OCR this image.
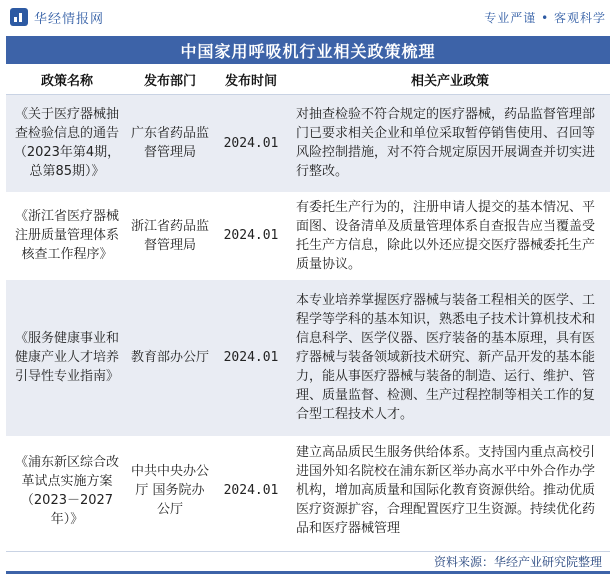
华经情报网	专业严谨 • 客观科学
中国家用呼吸机行业相关政策梳理
政策名称	发布部门	发布时间	相关产业政策
《关于医疗器械抽查检验信息的通告（2023年第4期，总第85期）》	广东省药品监督管理局	2024.01	对抽查检验不符合规定的医疗器械，药品监督管理部门已要求相关企业和单位采取暂停销售使用、召回等风险控制措施，对不符合规定原因开展调查并切实进行整改。
《浙江省医疗器械注册质量管理体系核查工作程序》	浙江省药品监督管理局	2024.01	有委托生产行为的，注册申请人提交的基本情况、平面图、设备清单及质量管理体系自查报告应当覆盖受托生产方信息，除此以外还应提交医疗器械委托生产质量协议。
《服务健康事业和健康产业人才培养引导性专业指南》	教育部办公厅	2024.01	本专业培养掌握医疗器械与装备工程相关的医学、工程学等学科的基本知识，熟悉电子技术计算机技术和信息科学、医学仪器、医疗装备的基本原理，具有医疗器械与装备领域新技术研究、新产品开发的基本能力，能从事医疗器械与装备的制造、运行、维护、管理、质量监督、检测、生产过程控制等相关工作的复合型工程技术人才。
《浦东新区综合改革试点实施方案（2023－2027年）》	中共中央办公厅 国务院办公厅	2024.01	建立高品质民生服务供给体系。支持国内重点高校引进国外知名院校在浦东新区举办高水平中外合作办学机构，增加高质量和国际化教育资源供给。推动优质医疗资源扩容，合理配置医疗卫生资源。持续优化药品和医疗器械管理
资料来源：华经产业研究院整理
